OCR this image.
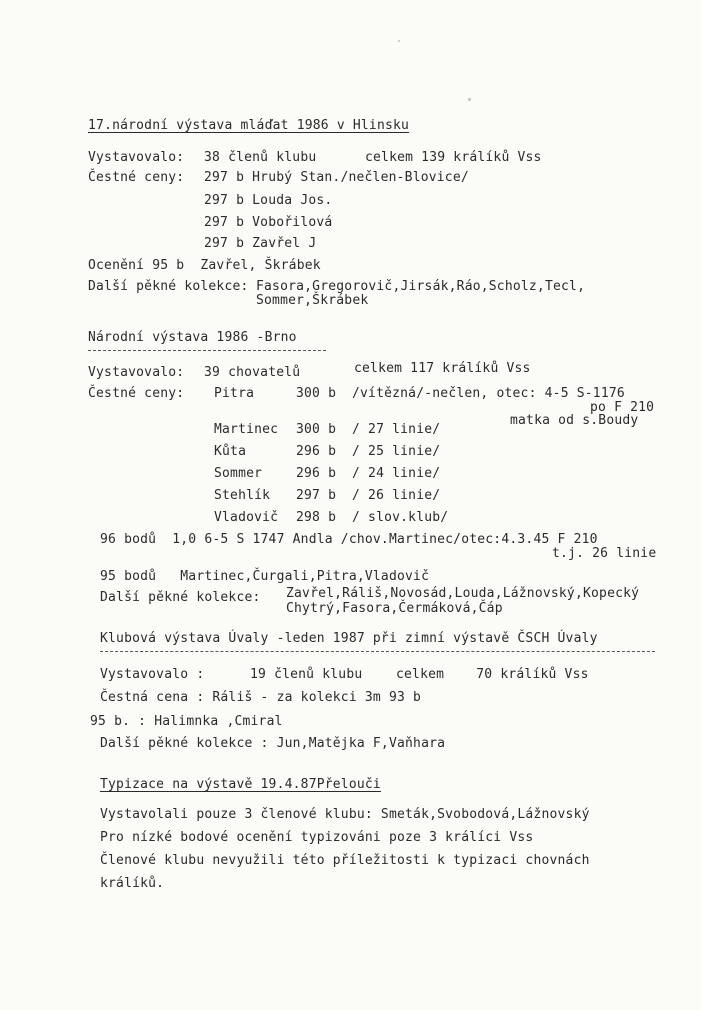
17.národní výstava mláďat 1986 v Hlinsku
Vystavovalo: 38 členů klubu	celkem 139 králíků Vss
Čestné ceny: 297 b Hrubý Stan./nečlen-Blovice/
297 b Louda Jos.
297 b Vobořilová
297 b Zavřel J
Ocenění 95 b  Zavřel, Škrábek
Další pěkné kolekce: Fasora,Gregorovič,Jirsák,Ráo,Scholz,Tecl,
Sommer,Škrábek
Národní výstava 1986 -Brno
Vystavovalo: 39 chovatelů	celkem 117 králíků Vss
Čestné ceny: Pitra	300 b /vítězná/-nečlen, otec: 4-5 S-1176
po F 210
matka od s.Boudy
Martinec 300 b / 27 linie/
Kůta	296 b / 25 linie/
Sommer	296 b / 24 linie/
Stehlík 297 b / 26 linie/
Vladovič 298 b / slov.klub/
96 bodů  1,0 6-5 S 1747 Andla /chov.Martinec/otec:4.3.45 F 210
t.j. 26 linie
95 bodů   Martinec,Čurgali,Pitra,Vladovič
Další pěkné kolekce: Zavřel,Ráliš,Novosád,Louda,Lážnovský,Kopecký
Chytrý,Fasora,Čermáková,Čáp
Klubová výstava Úvaly -leden 1987 při zimní výstavě ČSCH Úvaly
Vystavovalo :	19 členů klubu	celkem    70 králíků Vss
Čestná cena : Ráliš - za kolekci 3m 93 b
95 b. : Halimnka ,Cmiral
Další pěkné kolekce : Jun,Matějka F,Vaňhara
Typizace na výstavě 19.4.87Přelouči
Vystavolali pouze 3 členové klubu: Smeták,Svobodová,Lážnovský
Pro nízké bodové ocenění typizováni poze 3 králíci Vss
Členové klubu nevyužili této příležitosti k typizaci chovnách
králíků.
